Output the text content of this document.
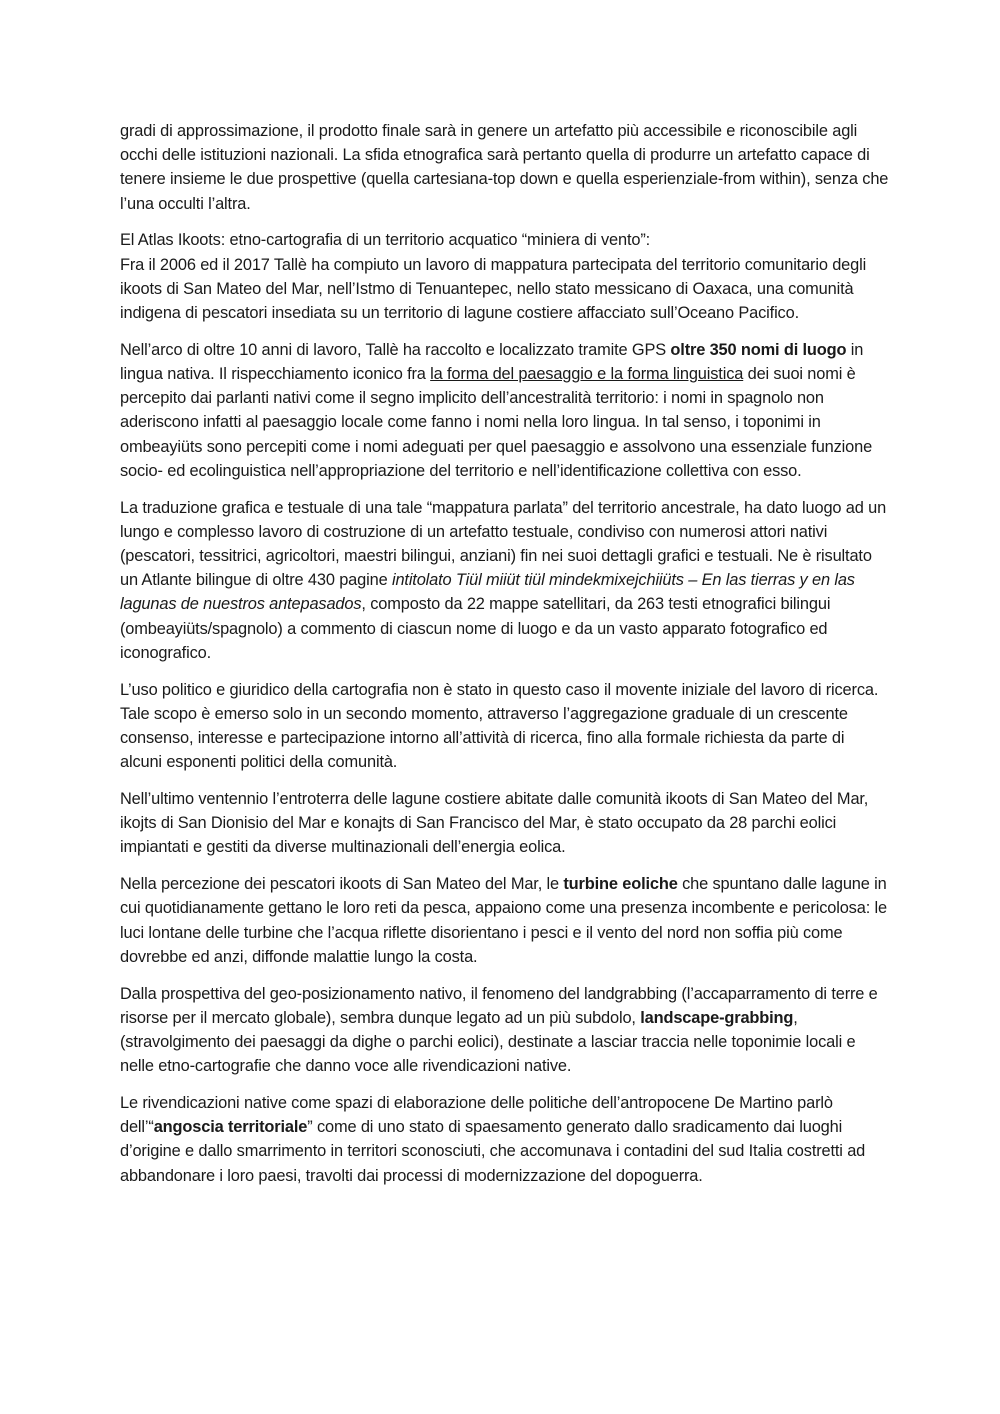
gradi di approssimazione, il prodotto finale sarà in genere un artefatto più accessibile e riconoscibile agli occhi delle istituzioni nazionali. La sfida etnografica sarà pertanto quella di produrre un artefatto capace di tenere insieme le due prospettive (quella cartesiana-top down e quella esperienziale-from within), senza che l’una occulti l’altra.

El Atlas Ikoots: etno-cartografia di un territorio acquatico “miniera di vento”:

Fra il 2006 ed il 2017 Tallè ha compiuto un lavoro di mappatura partecipata del territorio comunitario degli ikoots di San Mateo del Mar, nell’Istmo di Tenuantepec, nello stato messicano di Oaxaca, una comunità indigena di pescatori insediata su un territorio di lagune costiere affacciato sull’Oceano Pacifico.

Nell’arco di oltre 10 anni di lavoro, Tallè ha raccolto e localizzato tramite GPS oltre 350 nomi di luogo in lingua nativa. Il rispecchiamento iconico fra la forma del paesaggio e la forma linguistica dei suoi nomi è percepito dai parlanti nativi come il segno implicito dell’ancestralità territorio: i nomi in spagnolo non aderiscono infatti al paesaggio locale come fanno i nomi nella loro lingua. In tal senso, i toponimi in ombeayiüts sono percepiti come i nomi adeguati per quel paesaggio e assolvono una essenziale funzione socio- ed ecolinguistica nell’appropriazione del territorio e nell’identificazione collettiva con esso.

La traduzione grafica e testuale di una tale “mappatura parlata” del territorio ancestrale, ha dato luogo ad un lungo e complesso lavoro di costruzione di un artefatto testuale, condiviso con numerosi attori nativi (pescatori, tessitrici, agricoltori, maestri bilingui, anziani) fin nei suoi dettagli grafici e testuali. Ne è risultato un Atlante bilingue di oltre 430 pagine intitolato Tiül miiüt tiül mindekmixejchiiüts – En las tierras y en las lagunas de nuestros antepasados, composto da 22 mappe satellitari, da 263 testi etnografici bilingui (ombeayiüts/spagnolo) a commento di ciascun nome di luogo e da un vasto apparato fotografico ed iconografico.

L’uso politico e giuridico della cartografia non è stato in questo caso il movente iniziale del lavoro di ricerca. Tale scopo è emerso solo in un secondo momento, attraverso l’aggregazione graduale di un crescente consenso, interesse e partecipazione intorno all’attività di ricerca, fino alla formale richiesta da parte di alcuni esponenti politici della comunità.

Nell’ultimo ventennio l’entroterra delle lagune costiere abitate dalle comunità ikoots di San Mateo del Mar, ikojts di San Dionisio del Mar e konajts di San Francisco del Mar, è stato occupato da 28 parchi eolici impiantati e gestiti da diverse multinazionali dell’energia eolica.

Nella percezione dei pescatori ikoots di San Mateo del Mar, le turbine eoliche che spuntano dalle lagune in cui quotidianamente gettano le loro reti da pesca, appaiono come una presenza incombente e pericolosa: le luci lontane delle turbine che l’acqua riflette disorientano i pesci e il vento del nord non soffia più come dovrebbe ed anzi, diffonde malattie lungo la costa.

Dalla prospettiva del geo-posizionamento nativo, il fenomeno del landgrabbing (l’accaparramento di terre e risorse per il mercato globale), sembra dunque legato ad un più subdolo, landscape-grabbing, (stravolgimento dei paesaggi da dighe o parchi eolici), destinate a lasciar traccia nelle toponimie locali e nelle etno-cartografie che danno voce alle rivendicazioni native.

Le rivendicazioni native come spazi di elaborazione delle politiche dell’antropocene De Martino parlò dell’“angoscia territoriale” come di uno stato di spaesamento generato dallo sradicamento dai luoghi d’origine e dallo smarrimento in territori sconosciuti, che accomunava i contadini del sud Italia costretti ad abbandonare i loro paesi, travolti dai processi di modernizzazione del dopoguerra.
